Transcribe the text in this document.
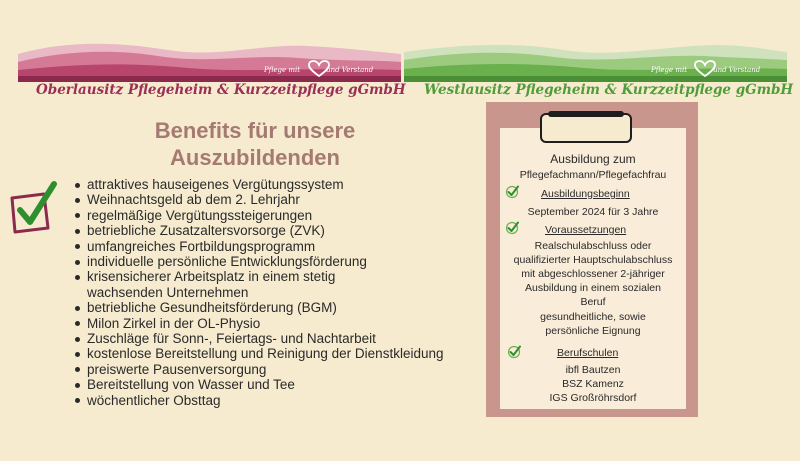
Pflege mit	und Verstand
Oberlausitz Pflegeheim & Kurzzeitpflege gGmbH
Pflege mit	und Verstand
Westlausitz Pflegeheim & Kurzzeitpflege gGmbH
Benefits für unsere
Auszubildenden
attraktives hauseigenes Vergütungssystem
Weihnachtsgeld ab dem 2. Lehrjahr
regelmäßige Vergütungssteigerungen
betriebliche Zusatzaltersvorsorge (ZVK)
umfangreiches Fortbildungsprogramm
individuelle persönliche Entwicklungsförderung
krisensicherer Arbeitsplatz in einem stetig
wachsenden Unternehmen
betriebliche Gesundheitsförderung (BGM)
Milon Zirkel in der OL-Physio
Zuschläge für Sonn-, Feiertags- und Nachtarbeit
kostenlose Bereitstellung und Reinigung der Dienstkleidung
preiswerte Pausenversorgung
Bereitstellung von Wasser und Tee
wöchentlicher Obsttag
Ausbildung zum
Pflegefachmann/Pflegefachfrau
Ausbildungsbeginn
September 2024 für 3 Jahre
Voraussetzungen
Realschulabschluss oder
qualifizierter Hauptschulabschluss
mit abgeschlossener 2-jähriger
Ausbildung in einem sozialen
Beruf
gesundheitliche, sowie
persönliche Eignung
Berufschulen
ibfl Bautzen
BSZ Kamenz
IGS Großröhrsdorf
